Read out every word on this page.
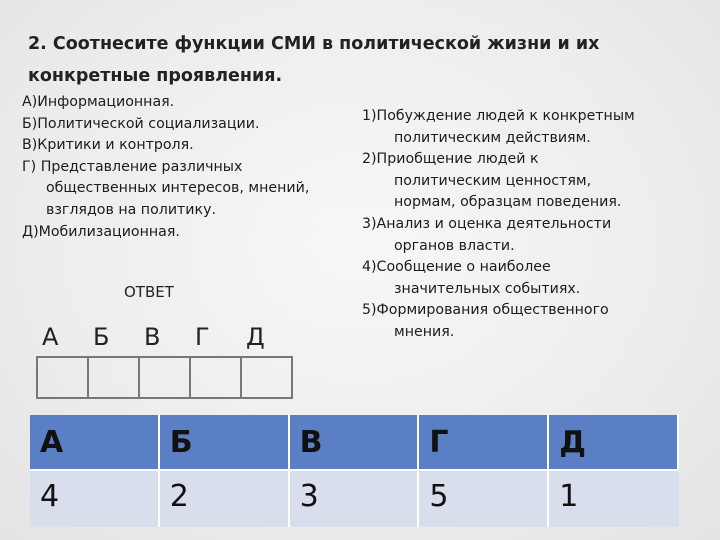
2. Соотнесите функции СМИ в политической жизни и их конкретные проявления.
А)Информационная.
Б)Политической социализации.
В)Критики и контроля.
Г) Представление различных
общественных интересов, мнений,
взглядов на политику.
Д)Мобилизационная.
1)Побуждение людей к конкретным
политическим действиям.
2)Приобщение людей к
политическим ценностям,
нормам, образцам поведения.
3)Анализ и оценка деятельности
органов власти.
4)Сообщение о наиболее
значительных событиях.
5)Формирования общественного
мнения.
ОТВЕТ
А	Б	В	Г	Д

А	Б	В	Г	Д
4	2	3	5	1
